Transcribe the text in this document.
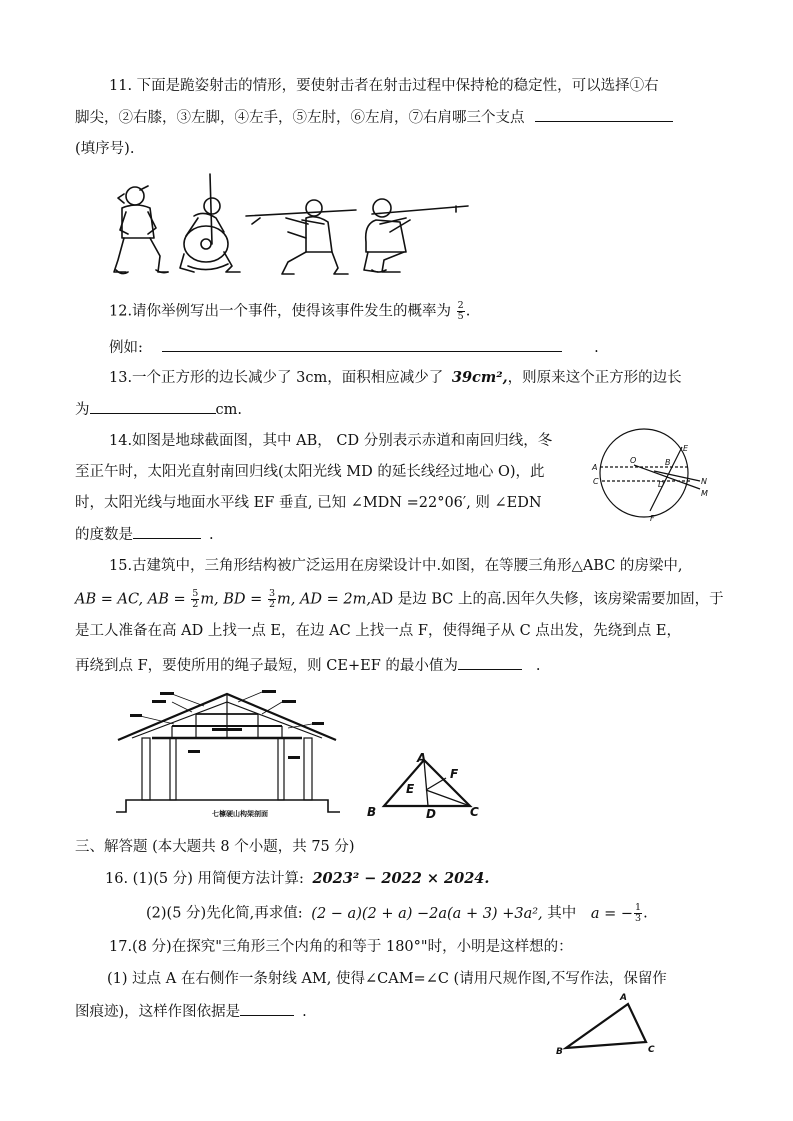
11. 下面是跪姿射击的情形，要使射击者在射击过程中保持枪的稳定性，可以选择①右
脚尖，②右膝，③左脚，④左手，⑤左肘，⑥左肩，⑦右肩哪三个支点
(填序号).
12.请你举例写出一个事件，使得该事件发生的概率为 $\frac{2}{5}$ .
例如:	.
13.一个正方形的边长减少了 3cm，面积相应减少了 39cm²,，则原来这个正方形的边长
为	cm.
14.如图是地球截面图，其中 AB， CD 分别表示赤道和南回归线，冬
至正午时，太阳光直射南回归线(太阳光线 MD 的延长线经过地心 O)，此
时，太阳光线与地面水平线 EF 垂直, 已知 ∠MDN =22°06′, 则 ∠EDN
的度数是	.
A
C
O	B
E
D	N
M
F
15.古建筑中，三角形结构被广泛运用在房梁设计中.如图，在等腰三角形△ABC 的房梁中,
AB = AC, AB = $\frac{5}{2} m$, BD = $\frac{3}{2} m$, AD = 2m,AD 是边 BC 上的高.因年久失修，该房梁需要加固，于
是工人准备在高 AD 上找一点 E，在边 AC 上找一点 F，使得绳子从 C 点出发，先绕到点 E，
再绕到点 F，要使所用的绳子最短，则 CE+EF 的最小值为	.
七檩硬山构架剖面
A
F
E
B	D	C
三、解答题 (本大题共 8 个小题，共 75 分)
16. (1)(5 分) 用简便方法计算: 2023² − 2022 × 2024.
(2)(5 分)先化简,再求值: (2 − a)(2 + a) −2a(a + 3) +3a², 其中 a = − $\frac{1}{3}$ .
17.(8 分)在探究"三角形三个内角的和等于 180°"时，小明是这样想的：
(1) 过点 A 在右侧作一条射线 AM, 使得∠CAM=∠C (请用尺规作图,不写作法，保留作
图痕迹)，这样作图依据是	.
A
B	C
